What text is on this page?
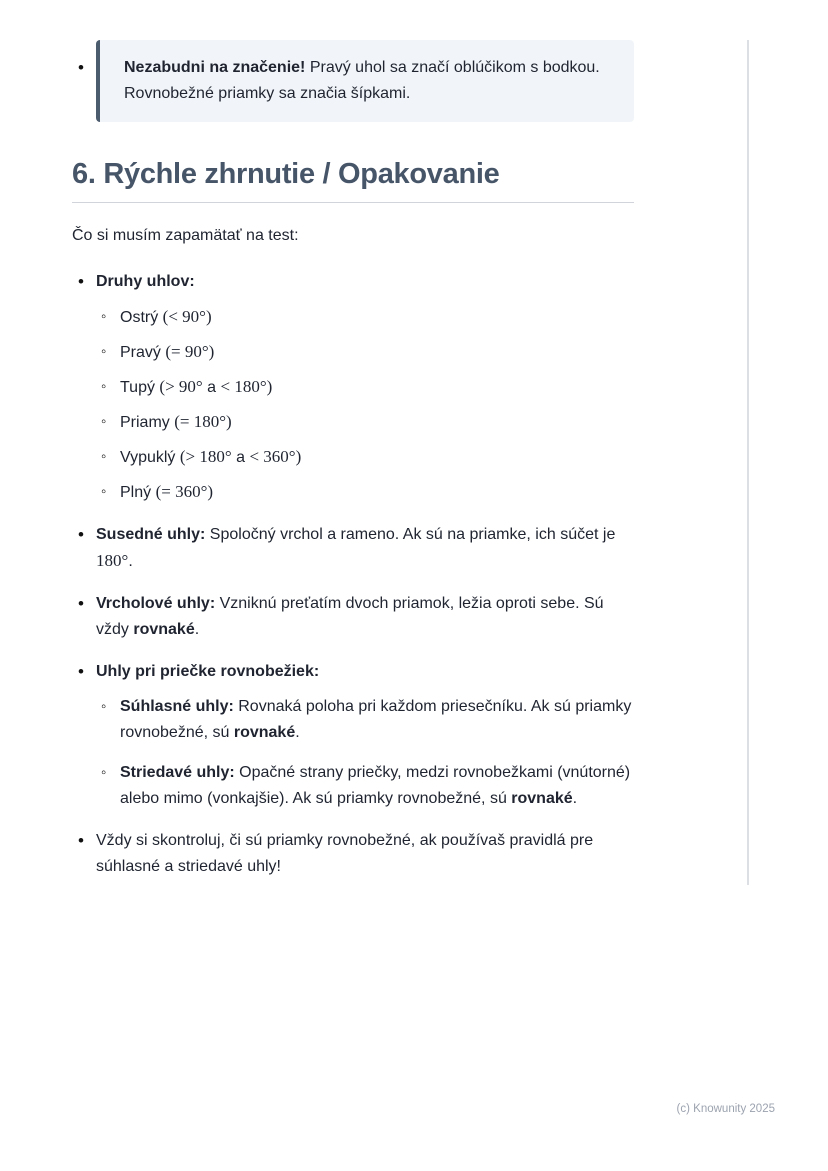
• Nezabudni na značenie! Pravý uhol sa značí oblúčikom s bodkou. Rovnobežné priamky sa značia šípkami.

6. Rýchle zhrnutie / Opakovanie

Čo si musím zapamätať na test:

• Druhy uhlov:
◦ Ostrý (< 90°)
◦ Pravý (= 90°)
◦ Tupý (> 90° a < 180°)
◦ Priamy (= 180°)
◦ Vypuklý (> 180° a < 360°)
◦ Plný (= 360°)
• Susedné uhly: Spoločný vrchol a rameno. Ak sú na priamke, ich súčet je 180°.
• Vrcholové uhly: Vzniknú preťatím dvoch priamok, ležia oproti sebe. Sú vždy rovnaké.
• Uhly pri priečke rovnobežiek:
◦ Súhlasné uhly: Rovnaká poloha pri každom priesečníku. Ak sú priamky rovnobežné, sú rovnaké.
◦ Striedavé uhly: Opačné strany priečky, medzi rovnobežkami (vnútorné) alebo mimo (vonkajšie). Ak sú priamky rovnobežné, sú rovnaké.
• Vždy si skontroluj, či sú priamky rovnobežné, ak používaš pravidlá pre súhlasné a striedavé uhly!
(c) Knowunity 2025
